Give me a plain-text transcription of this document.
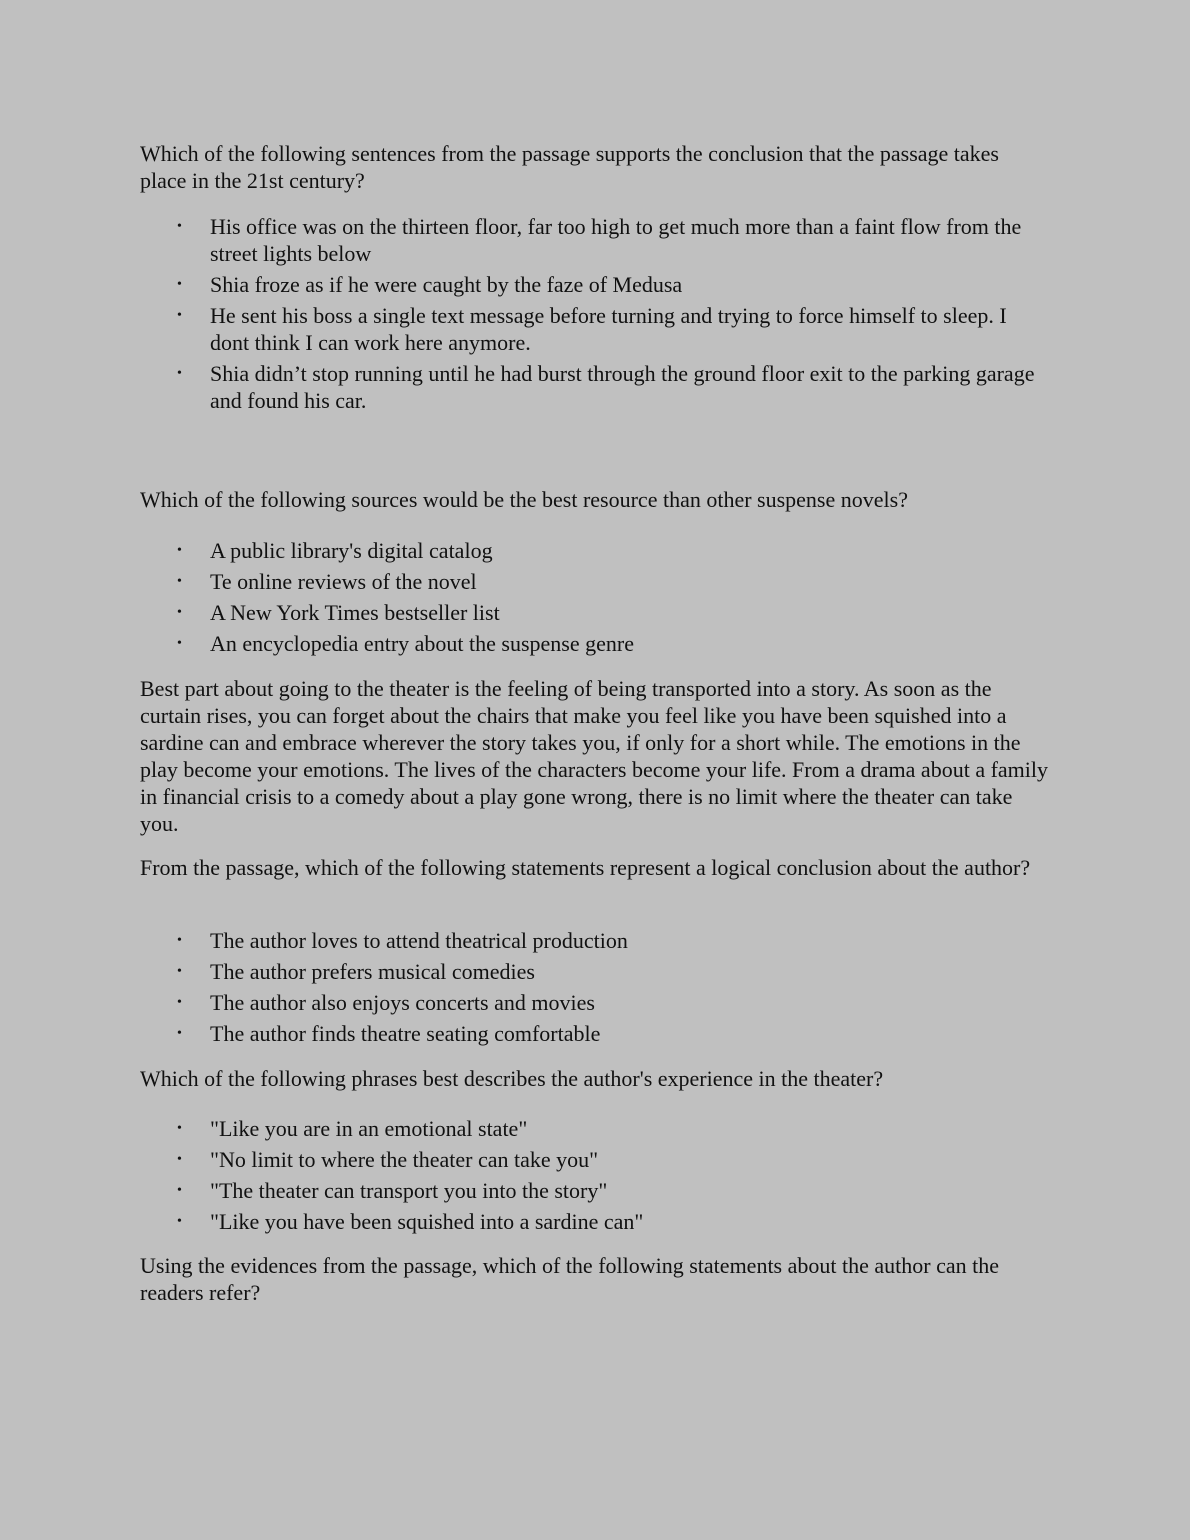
Which of the following sentences from the passage supports the conclusion that the passage takes place in the 21st century?

• His office was on the thirteen floor, far too high to get much more than a faint flow from the street lights below
• Shia froze as if he were caught by the faze of Medusa
• He sent his boss a single text message before turning and trying to force himself to sleep. I dont think I can work here anymore.
• Shia didn’t stop running until he had burst through the ground floor exit to the parking garage and found his car.

Which of the following sources would be the best resource than other suspense novels?

• A public library's digital catalog
• Te online reviews of the novel
• A New York Times bestseller list
• An encyclopedia entry about the suspense genre

Best part about going to the theater is the feeling of being transported into a story. As soon as the curtain rises, you can forget about the chairs that make you feel like you have been squished into a sardine can and embrace wherever the story takes you, if only for a short while. The emotions in the play become your emotions. The lives of the characters become your life. From a drama about a family in financial crisis to a comedy about a play gone wrong, there is no limit where the theater can take you.

From the passage, which of the following statements represent a logical conclusion about the author?

• The author loves to attend theatrical production
• The author prefers musical comedies
• The author also enjoys concerts and movies
• The author finds theatre seating comfortable

Which of the following phrases best describes the author's experience in the theater?

• "Like you are in an emotional state"
• "No limit to where the theater can take you"
• "The theater can transport you into the story"
• "Like you have been squished into a sardine can"

Using the evidences from the passage, which of the following statements about the author can the readers refer?
